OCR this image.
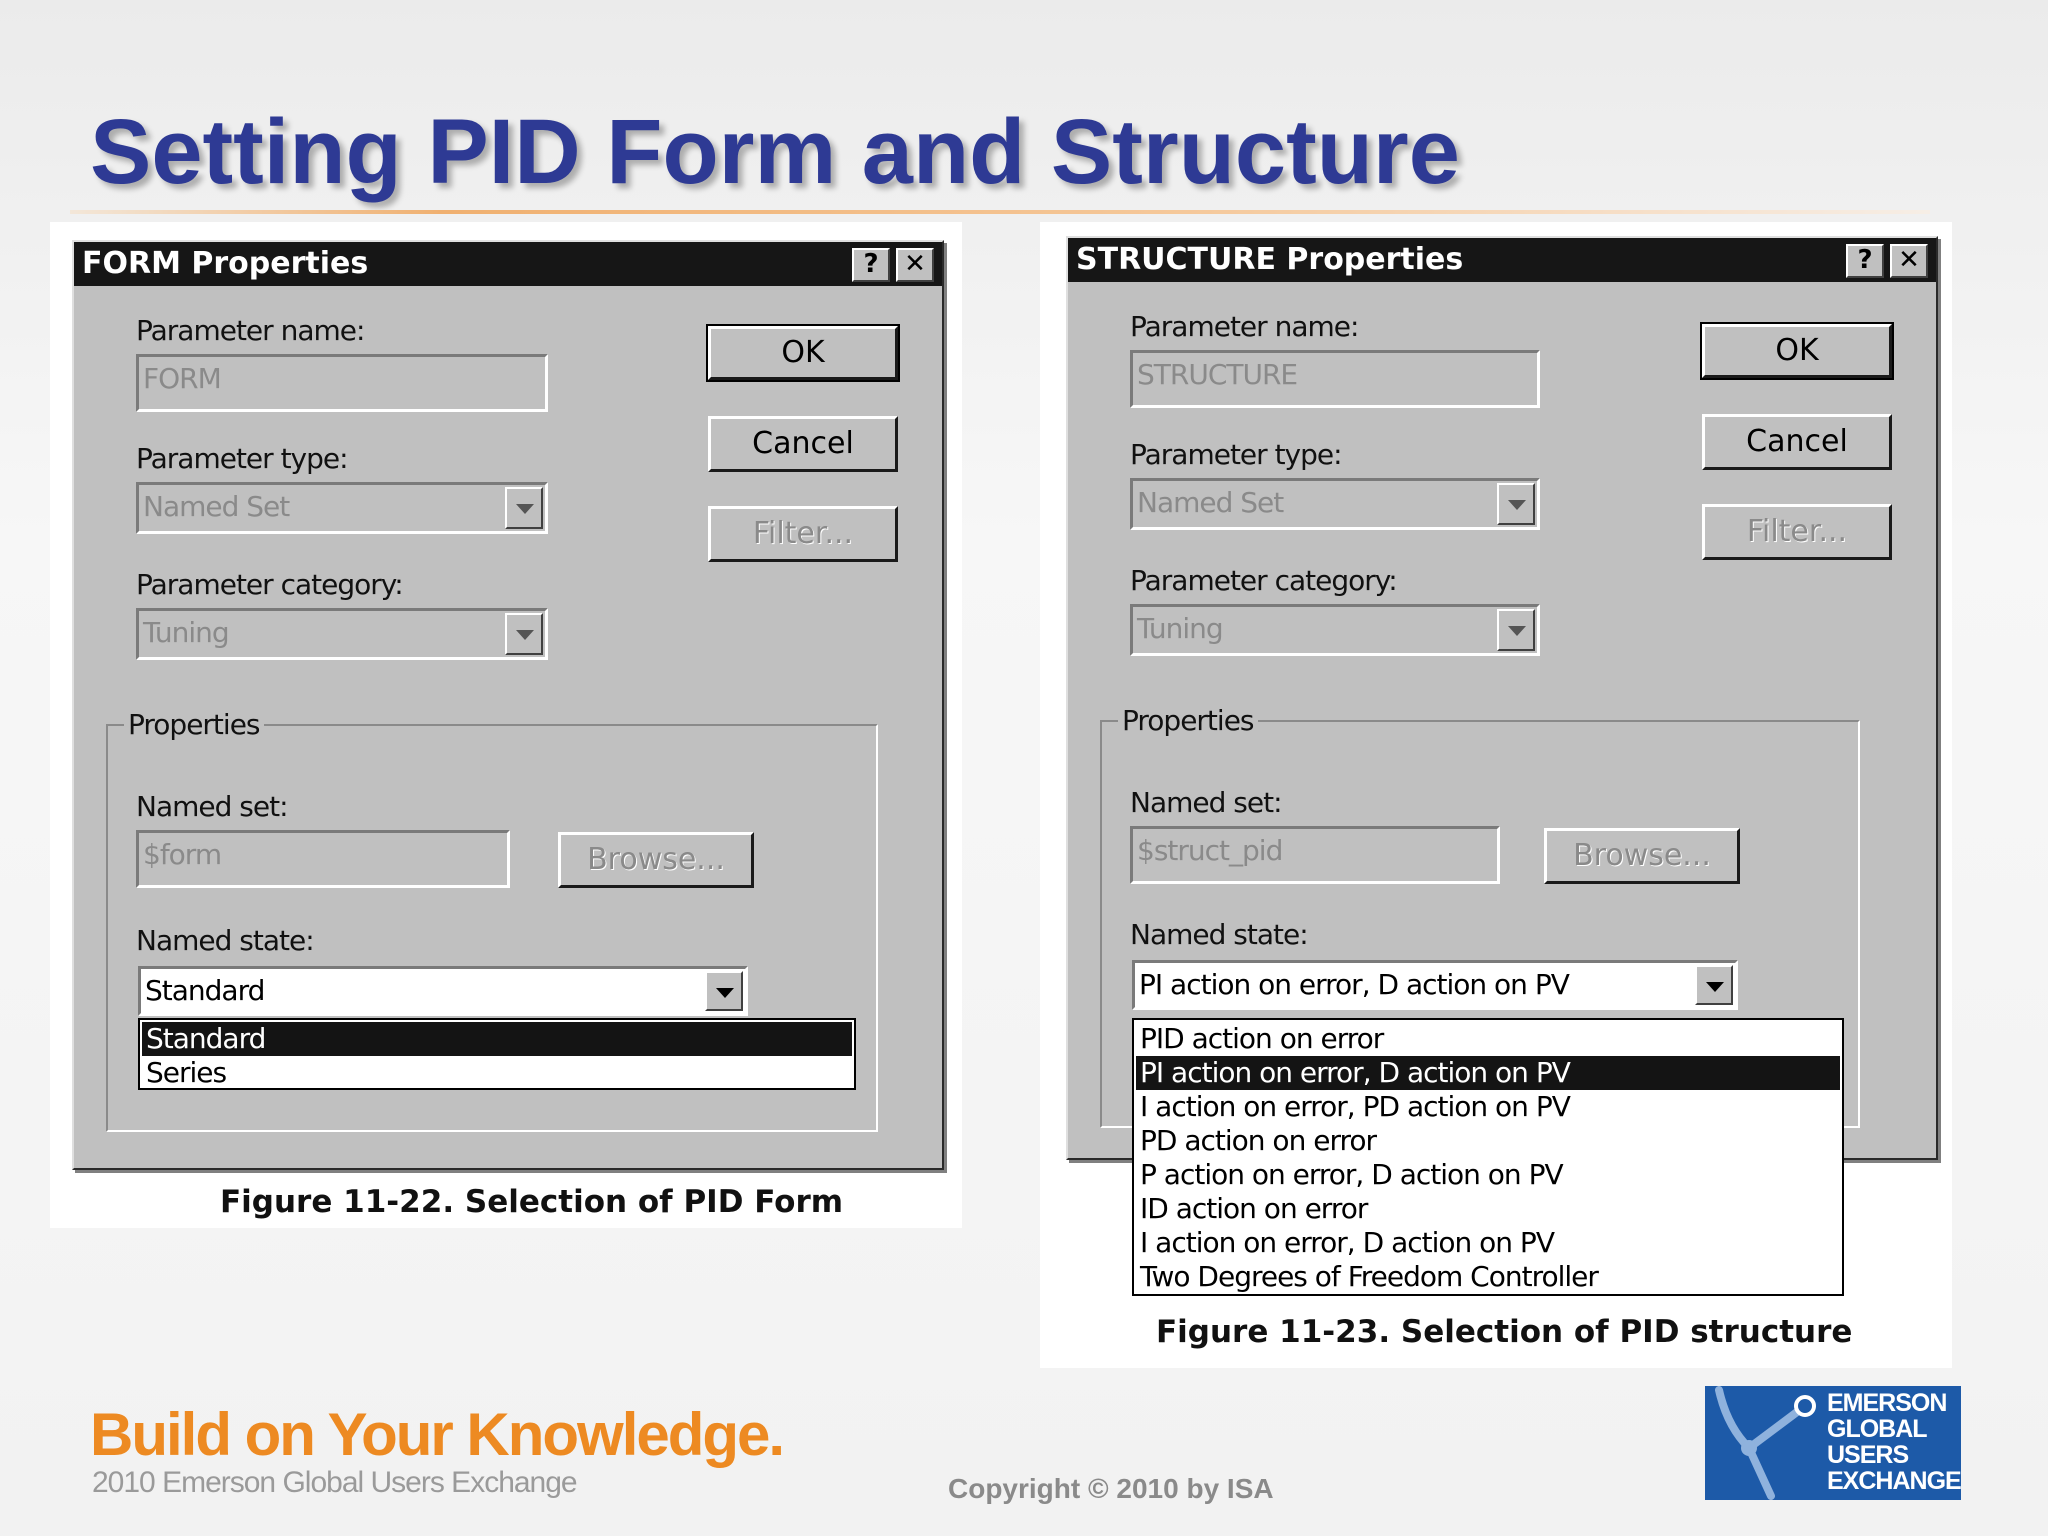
Setting PID Form and Structure
FORM Properties	? ✕
Parameter name:
FORM
Parameter type:
Named Set
Parameter category:
Tuning
OK
Cancel
Filter...
Properties
Named set:
$form	Browse...
Named state:
Standard
Standard
Series
Figure 11-22. Selection of PID Form
STRUCTURE Properties	? ✕
Parameter name:
STRUCTURE
Parameter type:
Named Set
Parameter category:
Tuning
OK
Cancel
Filter...
Properties
Named set:
$struct_pid	Browse...
Named state:
PI action on error, D action on PV
PID action on error
PI action on error, D action on PV
I action on error, PD action on PV
PD action on error
P action on error, D action on PV
ID action on error
I action on error, D action on PV
Two Degrees of Freedom Controller
Figure 11-23. Selection of PID structure
Build on Your Knowledge.
2010 Emerson Global Users Exchange	Copyright © 2010 by ISA
EMERSON
GLOBAL
USERS
EXCHANGE
